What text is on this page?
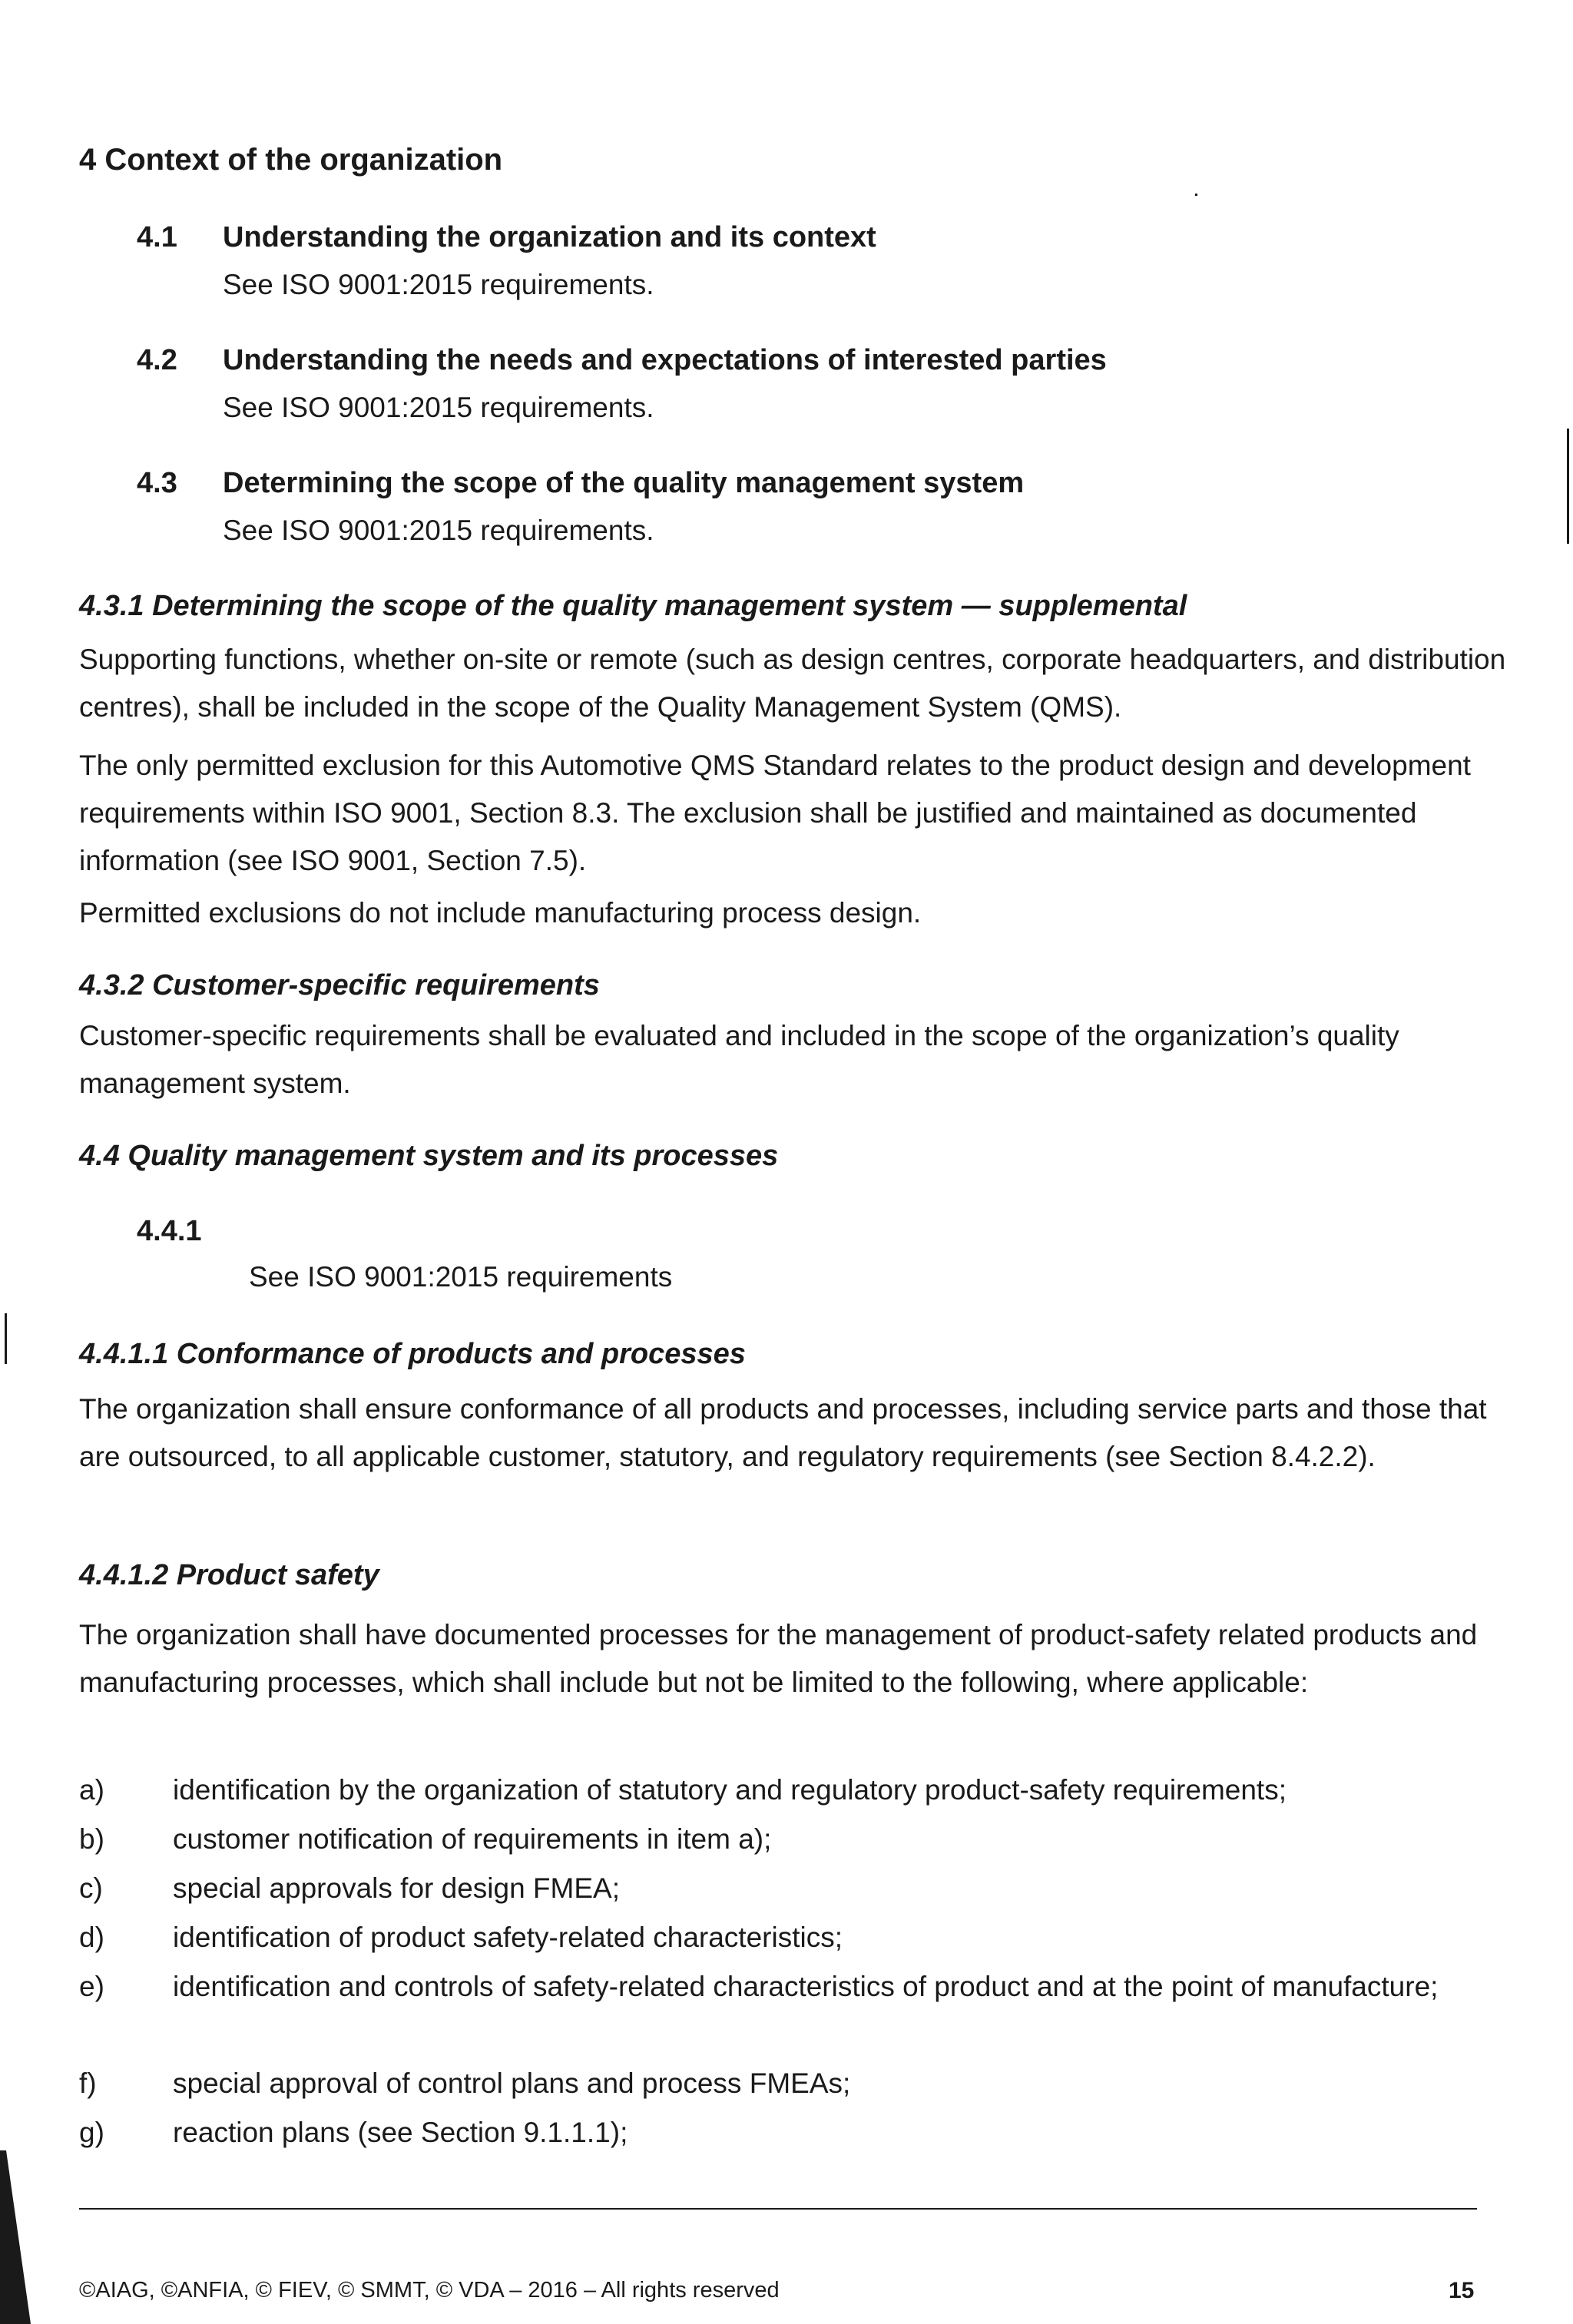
4 Context of the organization
4.1 Understanding the organization and its context
See ISO 9001:2015 requirements.
4.2 Understanding the needs and expectations of interested parties
See ISO 9001:2015 requirements.
4.3 Determining the scope of the quality management system
See ISO 9001:2015 requirements.
4.3.1 Determining the scope of the quality management system — supplemental
Supporting functions, whether on-site or remote (such as design centres, corporate headquarters, and distribution centres), shall be included in the scope of the Quality Management System (QMS).
The only permitted exclusion for this Automotive QMS Standard relates to the product design and development requirements within ISO 9001, Section 8.3. The exclusion shall be justified and maintained as documented information (see ISO 9001, Section 7.5).
Permitted exclusions do not include manufacturing process design.
4.3.2 Customer-specific requirements
Customer-specific requirements shall be evaluated and included in the scope of the organization’s quality management system.
4.4 Quality management system and its processes
4.4.1
See ISO 9001:2015 requirements
4.4.1.1 Conformance of products and processes
The organization shall ensure conformance of all products and processes, including service parts and those that are outsourced, to all applicable customer, statutory, and regulatory requirements (see Section 8.4.2.2).
4.4.1.2 Product safety
The organization shall have documented processes for the management of product-safety related products and manufacturing processes, which shall include but not be limited to the following, where applicable:
a) identification by the organization of statutory and regulatory product-safety requirements;
b) customer notification of requirements in item a);
c) special approvals for design FMEA;
d) identification of product safety-related characteristics;
e) identification and controls of safety-related characteristics of product and at the point of manufacture;
f)	special approval of control plans and process FMEAs;
g) reaction plans (see Section 9.1.1.1);
©AIAG, ©ANFIA, © FIEV, © SMMT, © VDA – 2016 – All rights reserved	15
